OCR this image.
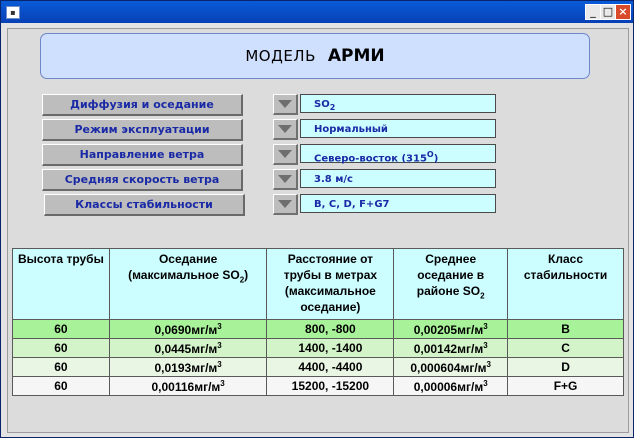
▪	_ □ ×
МОДЕЛЬ АРМИ
Диффузия и оседание	$SO_2$
Режим эксплуатации	Нормальный
Направление ветра	Северо-восток $(315^O)$
Средняя скорость ветра	3.8 м/с
Классы стабильности	B, C, D, F+G7
Высота трубы	Оседание (максимальное $SO_2$)	Расстояние от трубы в метрах (максимальное оседание)	Среднее оседание в районе $SO_2$	Класс стабильности
60	$0,0690мг/м^3$	800, -800	$0,00205мг/м^3$	B
60	$0,0445мг/м^3$	1400, -1400	$0,00142мг/м^3$	C
60	$0,0193мг/м^3$	4400, -4400	$0,000604мг/м^3$	D
60	$0,00116мг/м^3$	15200, -15200	$0,00006мг/м^3$	F+G
